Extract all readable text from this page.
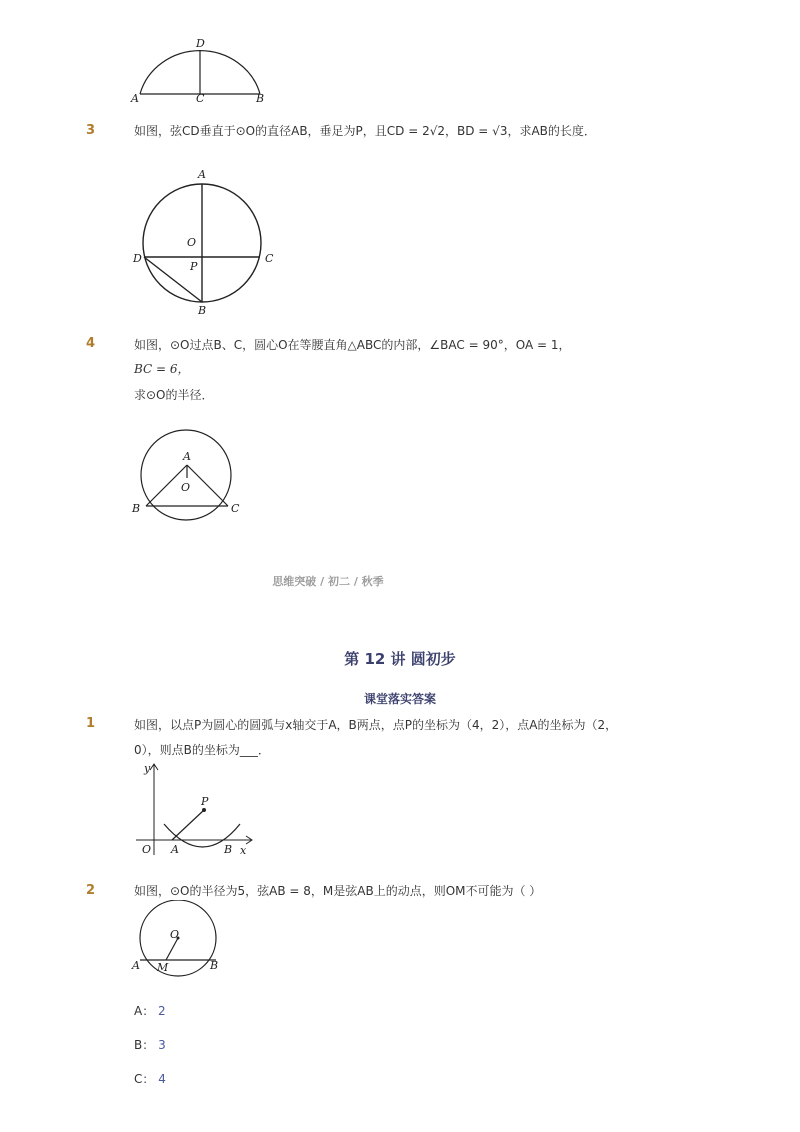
D
A	C	B
3	如图，弦CD垂直于⊙O的直径AB，垂足为P，且CD = 2√2，BD = √3，求AB的长度．
A
O
P
D	C
B
4	如图，⊙O过点B、C，圆心O在等腰直角△ABC的内部，∠BAC = 90°，OA = 1，
BC = 6，
求⊙O的半径．
A
O
B	C
思维突破 / 初二 / 秋季
第 12 讲 圆初步
课堂落实答案
1	如图，以点P为圆心的圆弧与x轴交于A，B两点，点P的坐标为（4，2），点A的坐标为（2，
0），则点B的坐标为___．
y
P
O A	B x
2	如图，⊙O的半径为5，弦AB = 8，M是弦AB上的动点，则OM不可能为（ ）
O
A M	B
A： 2
B： 3
C： 4
